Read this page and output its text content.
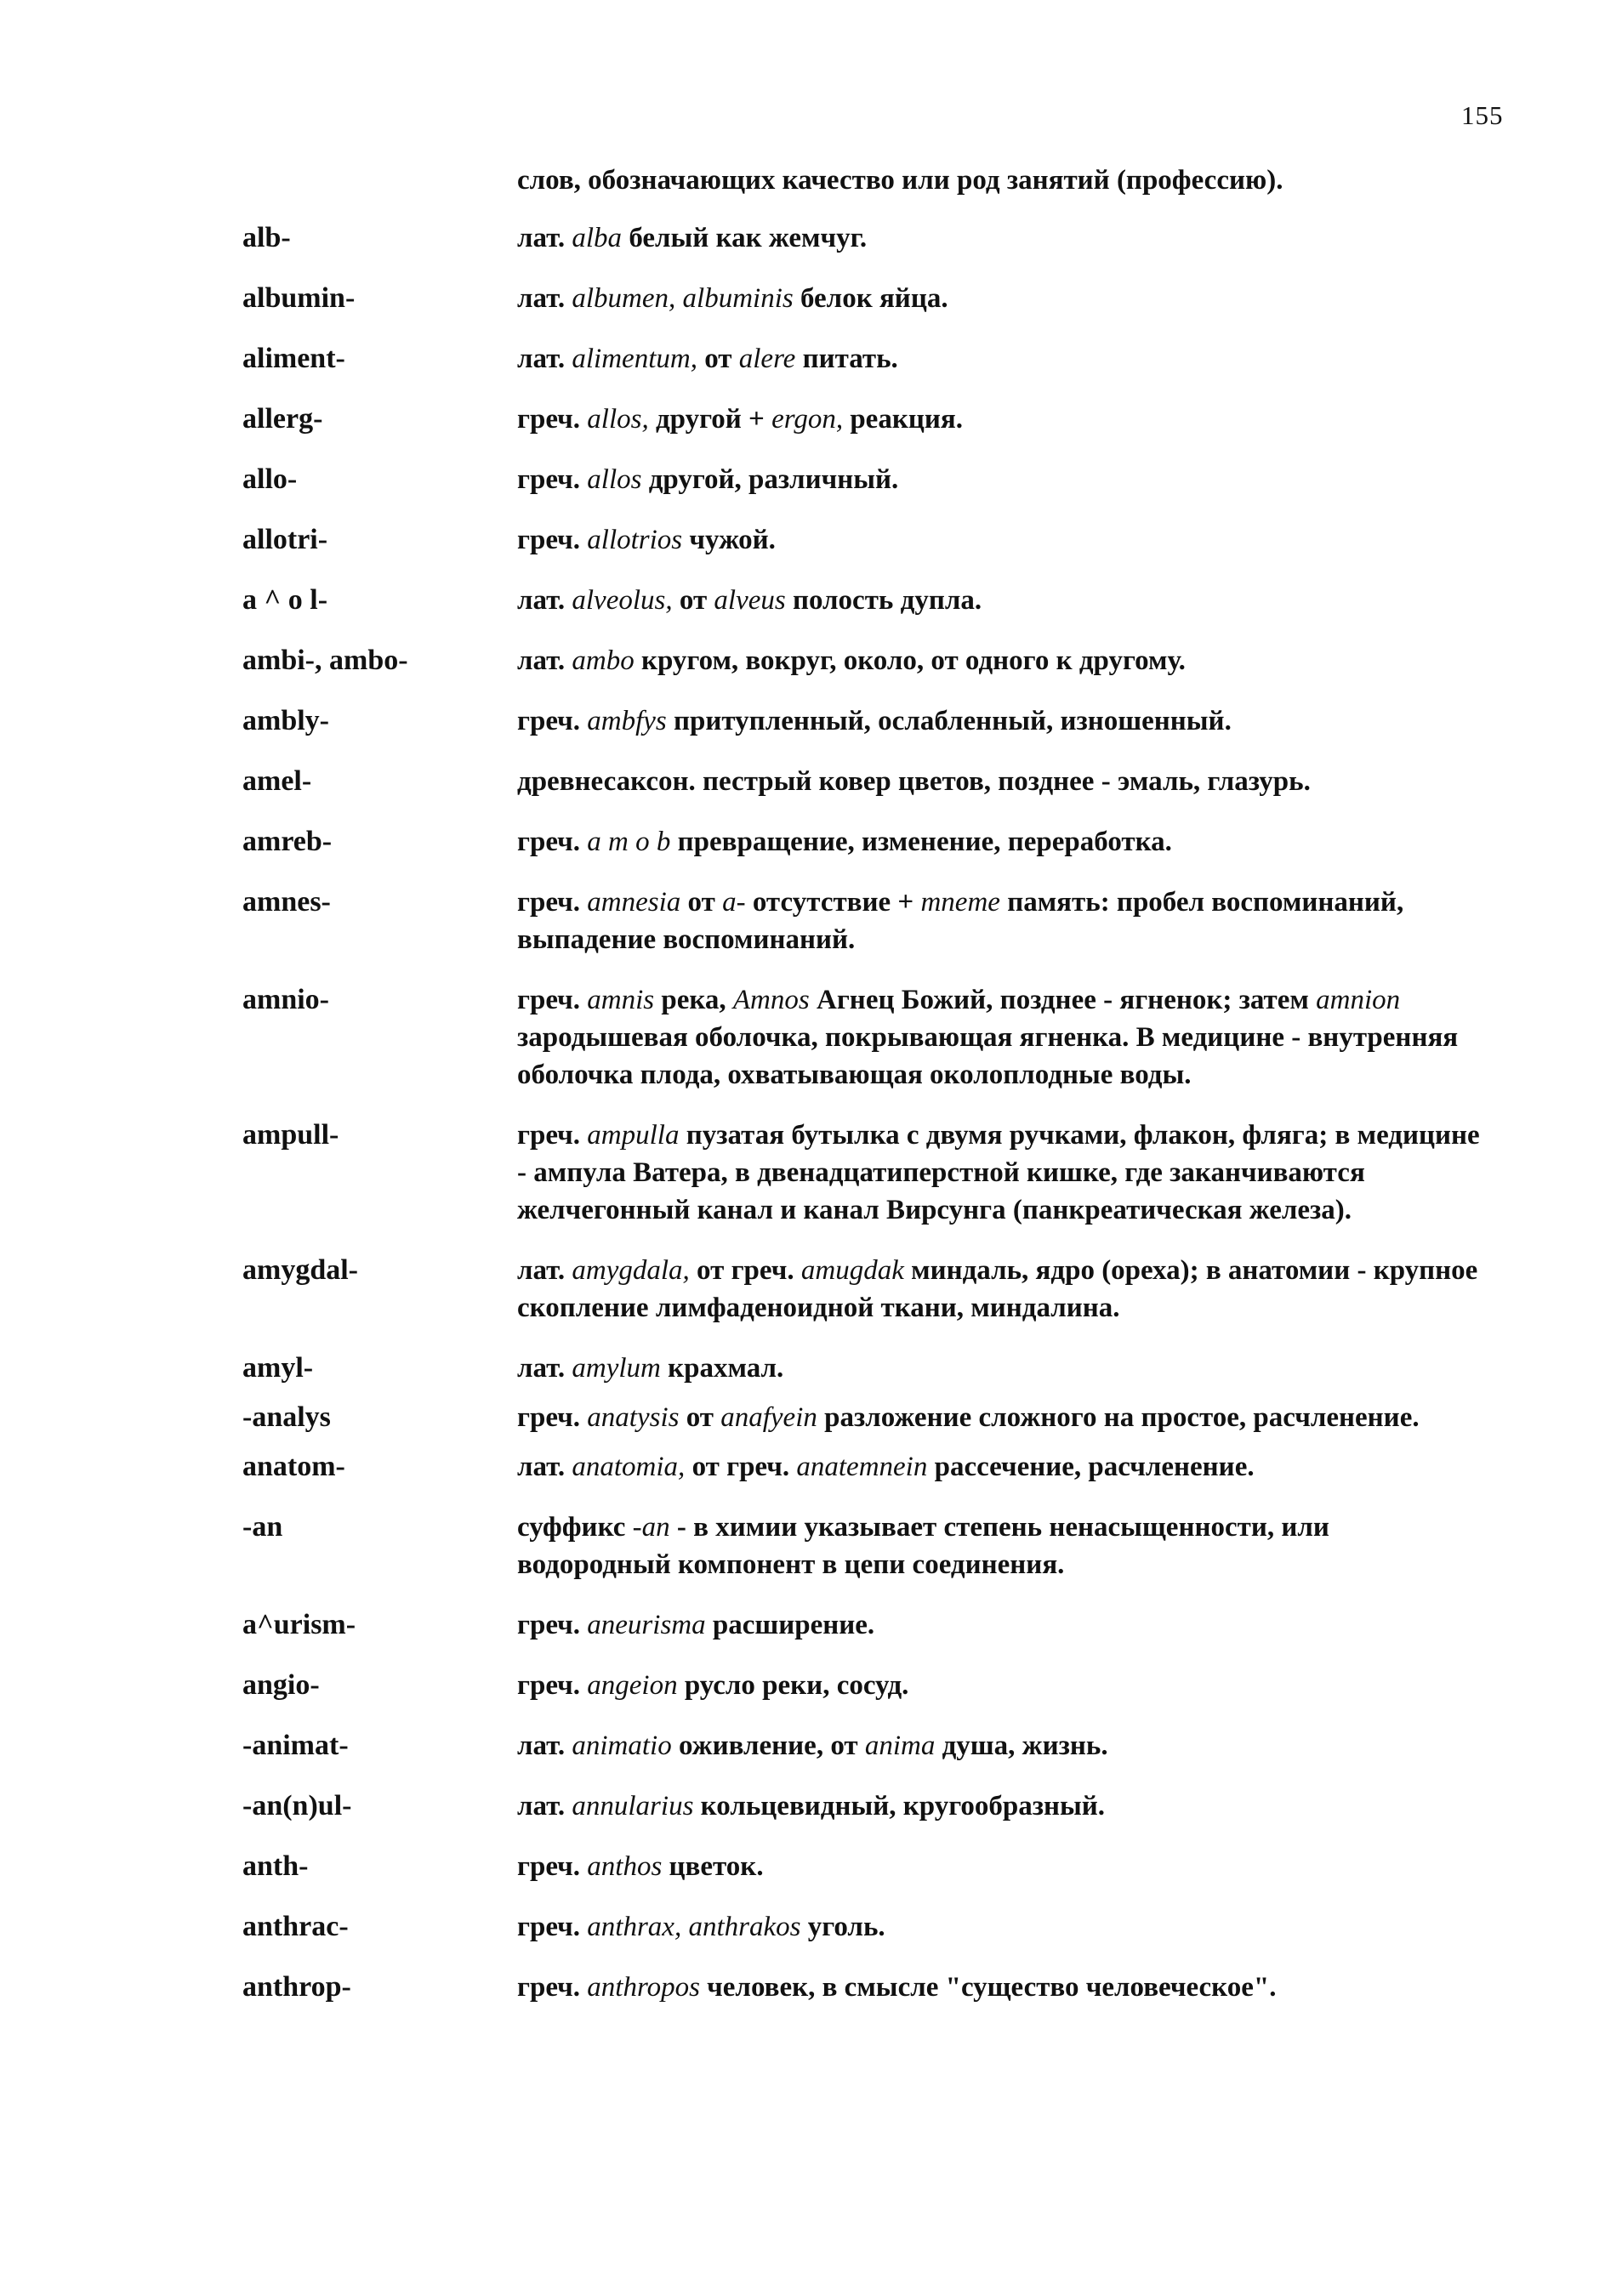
155
слов, обозначающих качество или род занятий (профессию).
alb-	лат. alba белый как жемчуг.
albumin-	лат. albumen, albuminis белок яйца.
aliment-	лат. alimentum, от alere питать.
allerg-	греч. allos, другой + ergon, реакция.
allo-	греч. allos другой, различный.
allotri-	греч. allotrios чужой.
a ^ o l-	лат. alveolus, от alveus полость дупла.
ambi-, ambo-	лат. ambo кругом, вокруг, около, от одного к другому.
ambly-	греч. ambfys притупленный, ослабленный, изношенный.
amel-	древнесаксон. пестрый ковер цветов, позднее - эмаль, глазурь.
amreb-	греч. a m o b превращение, изменение, переработка.
amnes-	греч. amnesia от a- отсутствие + mneme память: пробел воспоминаний, выпадение воспоминаний.
amnio-	греч. amnis река, Amnos Агнец Божий, позднее - ягненок; затем amnion зародышевая оболочка, покрывающая ягненка. В медицине - внутренняя оболочка плода, охватывающая околоплодные воды.
ampull-	греч. ampulla пузатая бутылка с двумя ручками, флакон, фляга; в медицине - ампула Ватера, в двенадцатиперстной кишке, где заканчиваются желчегонный канал и канал Вирсунга (панкреатическая железа).
amygdal-	лат. amygdala, от греч. amugdak миндаль, ядро (ореха); в анатомии - крупное скопление лимфаденоидной ткани, миндалина.
amyl-	лат. amylum крахмал.
-analys	греч. anatysis от anafyein разложение сложного на простое, расчленение.
anatom-	лат. anatomia, от греч. anatemnein рассечение, расчленение.
-an	суффикс -an - в химии указывает степень ненасыщенности, или водородный компонент в цепи соединения.
a^urism-	греч. aneurisma расширение.
angio-	греч. angeion русло реки, сосуд.
-animat-	лат. animatio оживление, от anima душа, жизнь.
-an(n)ul-	лат. annularius кольцевидный, кругообразный.
anth-	греч. anthos цветок.
anthrac-	греч. anthrax, anthrakos уголь.
anthrop-	греч. anthropos человек, в смысле "существо человеческое".
